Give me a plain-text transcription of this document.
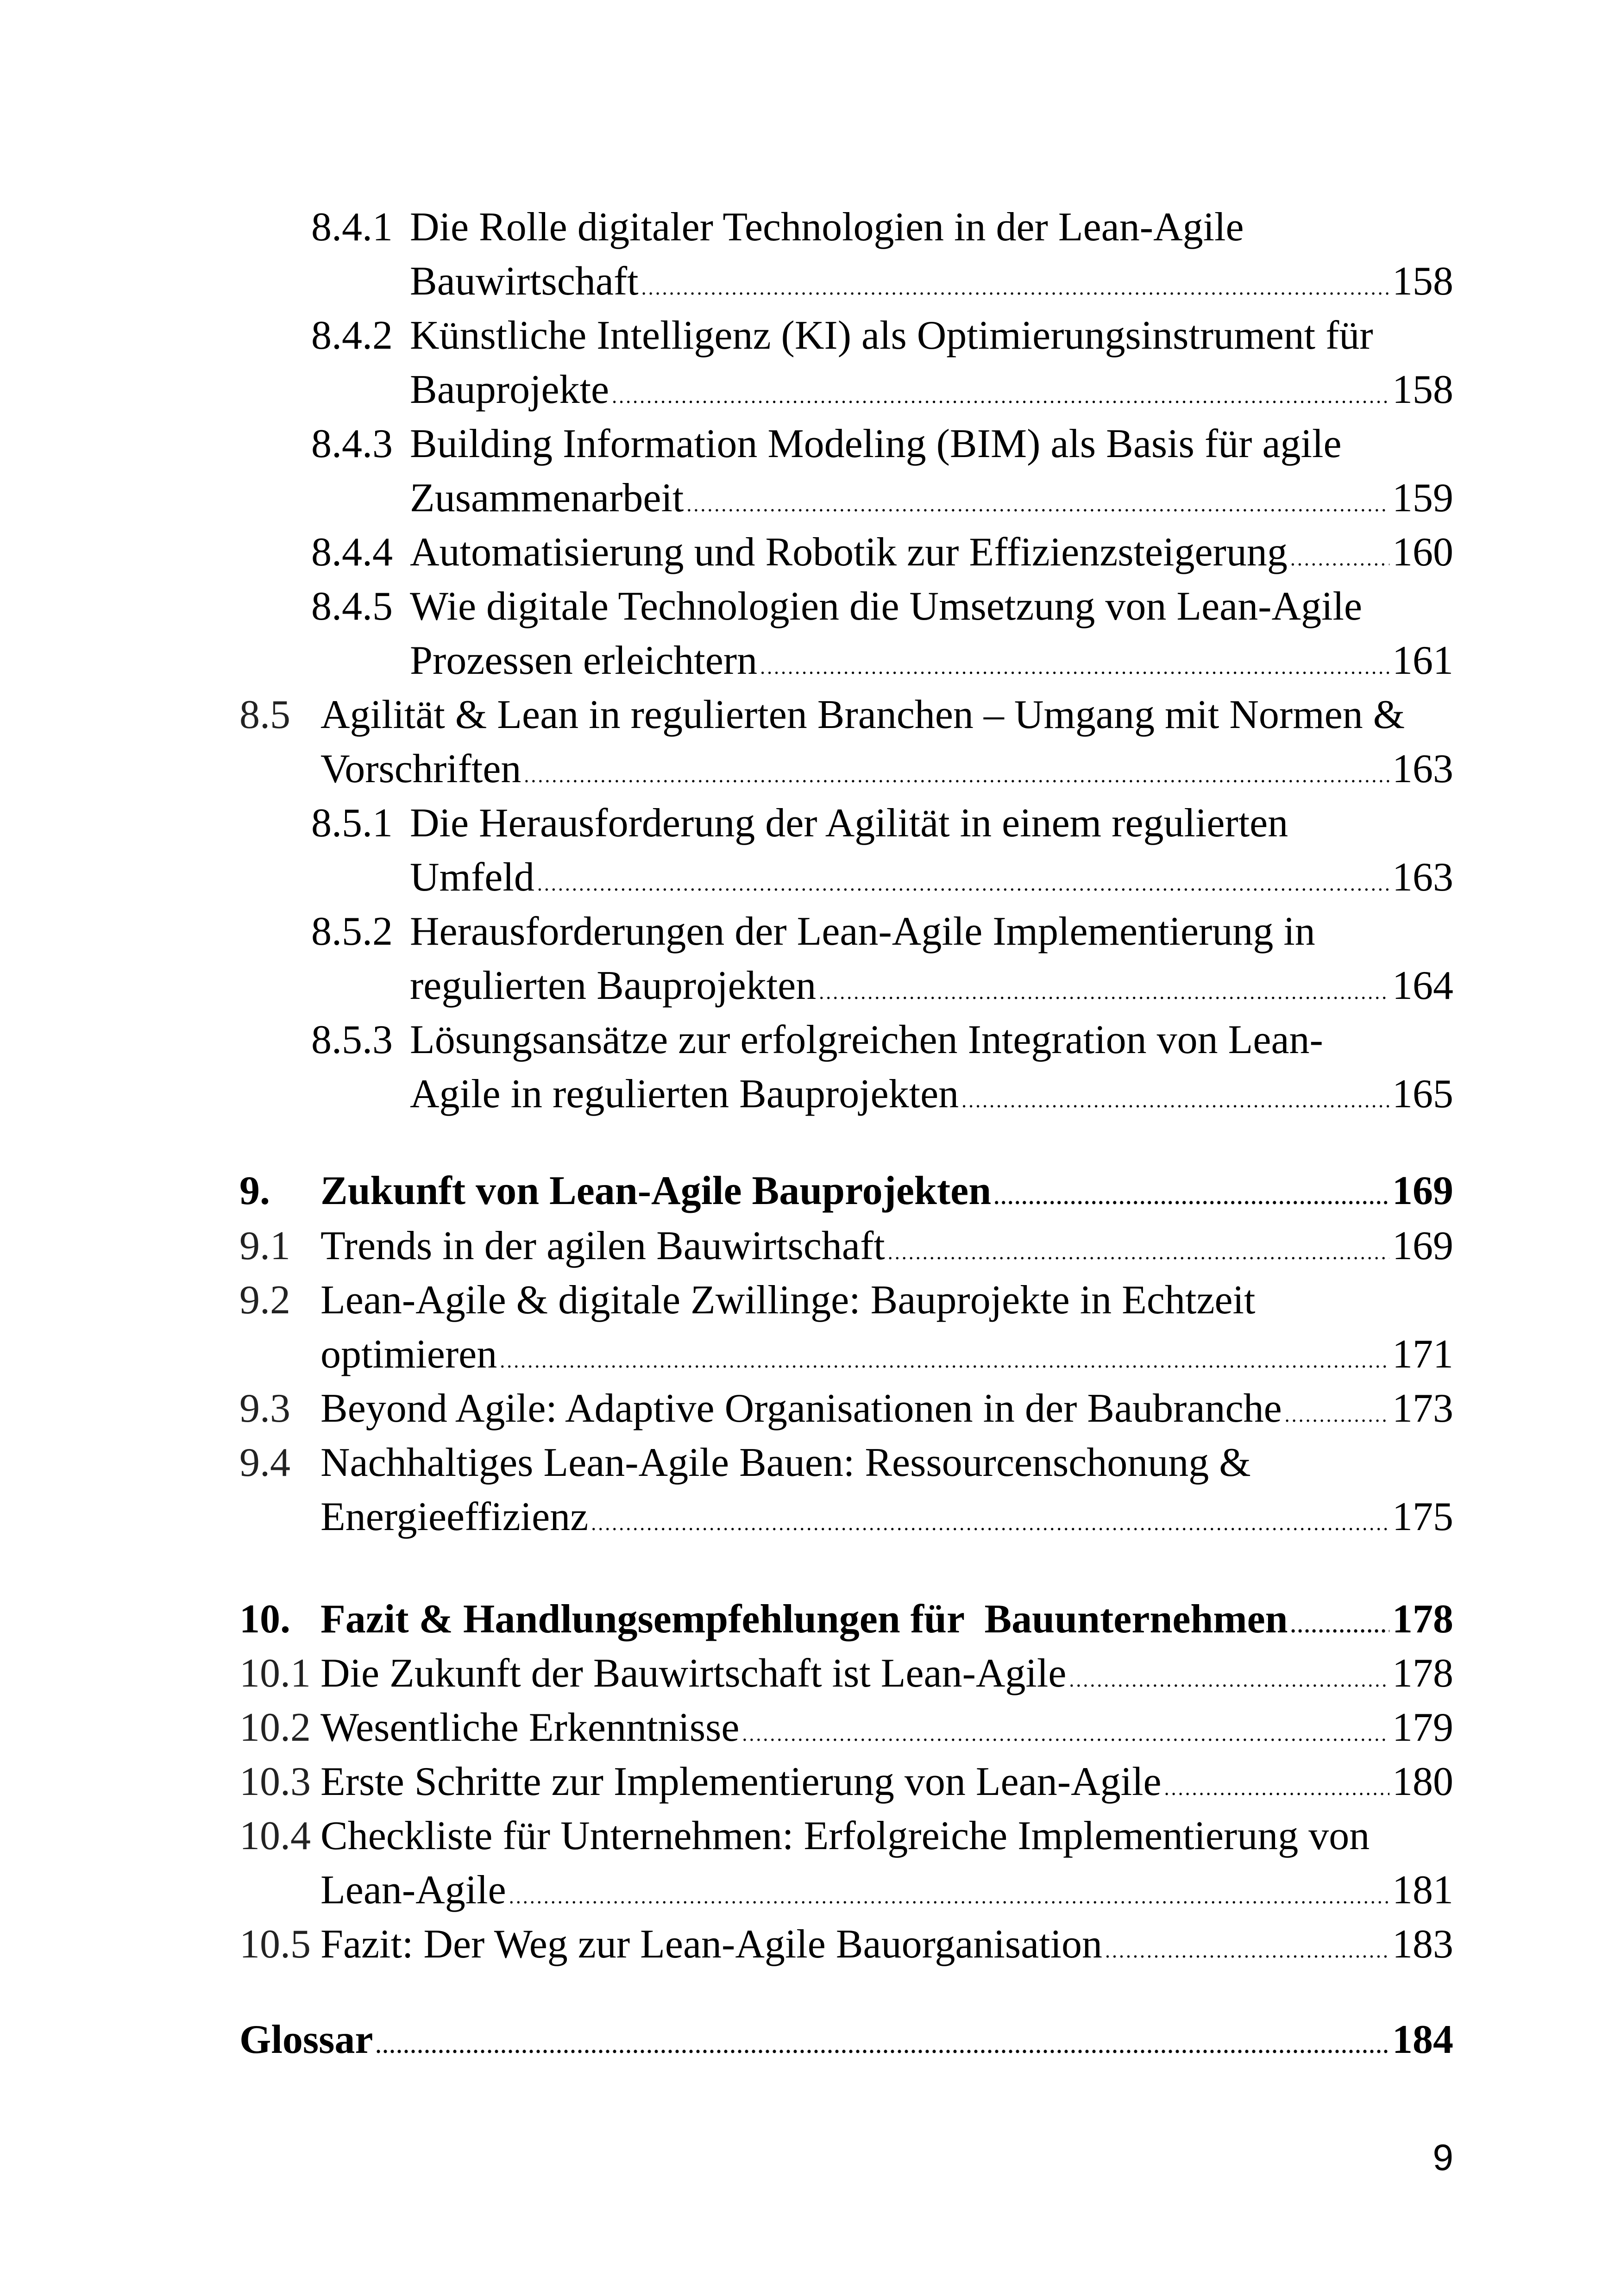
8.4.1 Die Rolle digitaler Technologien in der Lean-Agile
Bauwirtschaft .....	158
8.4.2 Künstliche Intelligenz (KI) als Optimierungsinstrument für
Bauprojekte .....	158
8.4.3 Building Information Modeling (BIM) als Basis für agile
Zusammenarbeit .....	159
8.4.4 Automatisierung und Robotik zur Effizienzsteigerung .....	160
8.4.5 Wie digitale Technologien die Umsetzung von Lean-Agile
Prozessen erleichtern .....	161
8.5 Agilität & Lean in regulierten Branchen – Umgang mit Normen &
Vorschriften .....	163
8.5.1 Die Herausforderung der Agilität in einem regulierten
Umfeld .....	163
8.5.2 Herausforderungen der Lean-Agile Implementierung in
regulierten Bauprojekten .....	164
8.5.3 Lösungsansätze zur erfolgreichen Integration von Lean-
Agile in regulierten Bauprojekten .....	165
9. Zukunft von Lean-Agile Bauprojekten .....	169
9.1 Trends in der agilen Bauwirtschaft .....	169
9.2 Lean-Agile & digitale Zwillinge: Bauprojekte in Echtzeit
optimieren .....	171
9.3 Beyond Agile: Adaptive Organisationen in der Baubranche .....	173
9.4 Nachhaltiges Lean-Agile Bauen: Ressourcenschonung &
Energieeffizienz .....	175
10. Fazit & Handlungsempfehlungen für  Bauunternehmen .....	178
10.1 Die Zukunft der Bauwirtschaft ist Lean-Agile .....	178
10.2 Wesentliche Erkenntnisse .....	179
10.3 Erste Schritte zur Implementierung von Lean-Agile .....	180
10.4 Checkliste für Unternehmen: Erfolgreiche Implementierung von
Lean-Agile .....	181
10.5 Fazit: Der Weg zur Lean-Agile Bauorganisation .....	183
Glossar .....	184
9
